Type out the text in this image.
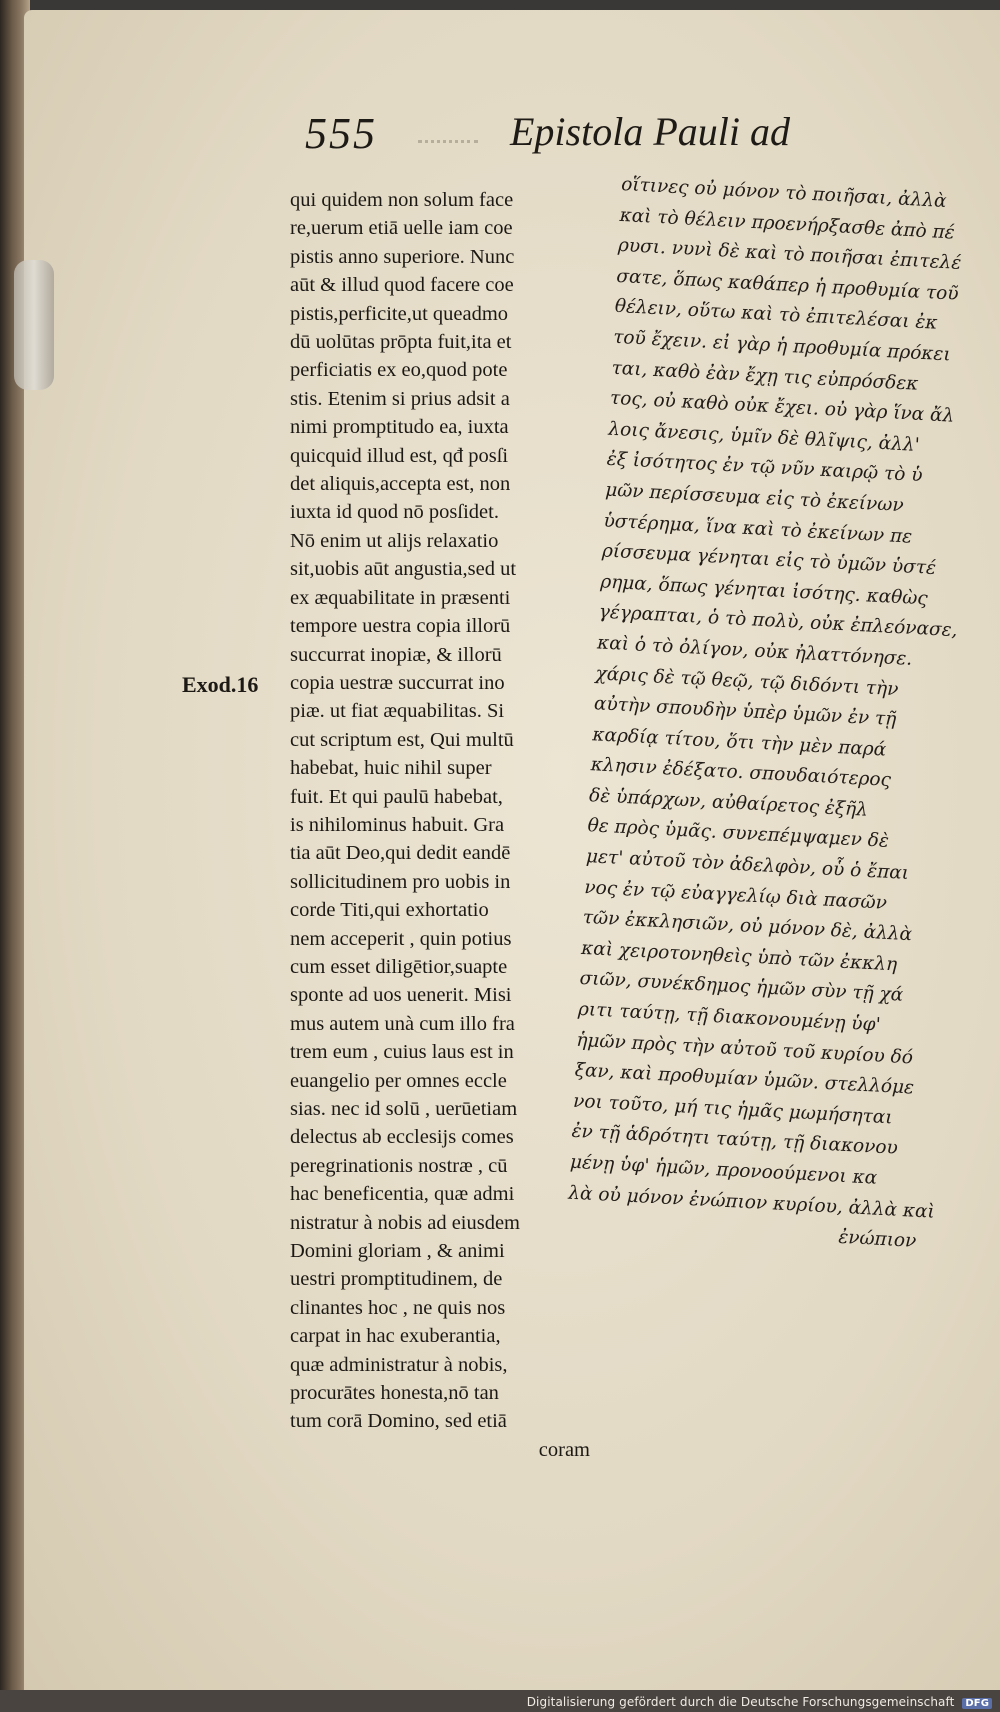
555	Epistola Pauli ad
Exod.16
qui quidem non solum face
re,uerum etiā uelle iam coe
pistis anno superiore. Nunc
aūt & illud quod facere coe
pistis,perficite,ut queadmo
dū uolūtas prōpta fuit,ita et
perficiatis ex eo,quod pote
stis. Etenim si prius adsit a
nimi promptitudo ea, iuxta
quicquid illud est, qđ posſi
det aliquis,accepta est, non
iuxta id quod nō posſidet.
Nō enim ut alijs relaxatio
sit,uobis aūt angustia,sed ut
ex æquabilitate in præsenti
tempore uestra copia illorū
succurrat inopiæ, & illorū
copia uestræ succurrat ino
piæ. ut fiat æquabilitas. Si
cut scriptum est, Qui multū
habebat, huic nihil super
fuit. Et qui paulū habebat,
is nihilominus habuit. Gra
tia aūt Deo,qui dedit eandē
sollicitudinem pro uobis in
corde Titi,qui exhortatio
nem acceperit , quin potius
cum esset diligētior,suapte
sponte ad uos uenerit. Misi
mus autem unà cum illo fra
trem eum , cuius laus est in
euangelio per omnes eccle
sias. nec id solū , uerūetiam
delectus ab ecclesijs comes
peregrinationis nostræ , cū
hac beneficentia, quæ admi
nistratur à nobis ad eiusdem
Domini gloriam , & animi
uestri promptitudinem, de
clinantes hoc , ne quis nos
carpat in hac exuberantia,
quæ administratur à nobis,
procurātes honesta,nō tan
tum corā Domino, sed etiā
coram
οἵτινες οὐ μόνον τὸ ποιῆσαι, ἀλλὰ
καὶ τὸ θέλειν προενήρξασθε ἀπὸ πέ
ρυσι. νυνὶ δὲ καὶ τὸ ποιῆσαι ἐπιτελέ
σατε, ὅπως καθάπερ ἡ προθυμία τοῦ
θέλειν, οὕτω καὶ τὸ ἐπιτελέσαι ἐκ
τοῦ ἔχειν. εἰ γὰρ ἡ προθυμία πρόκει
ται, καθὸ ἐὰν ἔχῃ τις εὐπρόσδεκ
τος, οὐ καθὸ οὐκ ἔχει. οὐ γὰρ ἵνα ἄλ
λοις ἄνεσις, ὑμῖν δὲ θλῖψις, ἀλλ'
ἐξ ἰσότητος ἐν τῷ νῦν καιρῷ τὸ ὑ
μῶν περίσσευμα εἰς τὸ ἐκείνων
ὑστέρημα, ἵνα καὶ τὸ ἐκείνων πε
ρίσσευμα γένηται εἰς τὸ ὑμῶν ὑστέ
ρημα, ὅπως γένηται ἰσότης. καθὼς
γέγραπται, ὁ τὸ πολὺ, οὐκ ἐπλεόνασε,
καὶ ὁ τὸ ὀλίγον, οὐκ ἠλαττόνησε.
χάρις δὲ τῷ θεῷ, τῷ διδόντι τὴν
αὐτὴν σπουδὴν ὑπὲρ ὑμῶν ἐν τῇ
καρδίᾳ τίτου, ὅτι τὴν μὲν παρά
κλησιν ἐδέξατο. σπουδαιότερος
δὲ ὑπάρχων, αὐθαίρετος ἐξῆλ
θε πρὸς ὑμᾶς. συνεπέμψαμεν δὲ
μετ' αὐτοῦ τὸν ἀδελφὸν, οὗ ὁ ἔπαι
νος ἐν τῷ εὐαγγελίῳ διὰ πασῶν
τῶν ἐκκλησιῶν, οὐ μόνον δὲ, ἀλλὰ
καὶ χειροτονηθεὶς ὑπὸ τῶν ἐκκλη
σιῶν, συνέκδημος ἡμῶν σὺν τῇ χά
ριτι ταύτῃ, τῇ διακονουμένῃ ὑφ'
ἡμῶν πρὸς τὴν αὐτοῦ τοῦ κυρίου δό
ξαν, καὶ προθυμίαν ὑμῶν. στελλόμε
νοι τοῦτο, μή τις ἡμᾶς μωμήσηται
ἐν τῇ ἁδρότητι ταύτῃ, τῇ διακονου
μένῃ ὑφ' ἡμῶν, προνοούμενοι κα
λὰ οὐ μόνον ἐνώπιον κυρίου, ἀλλὰ καὶ
ἐνώπιον
Digitalisierung gefördert durch die Deutsche Forschungsgemeinschaft DFG
